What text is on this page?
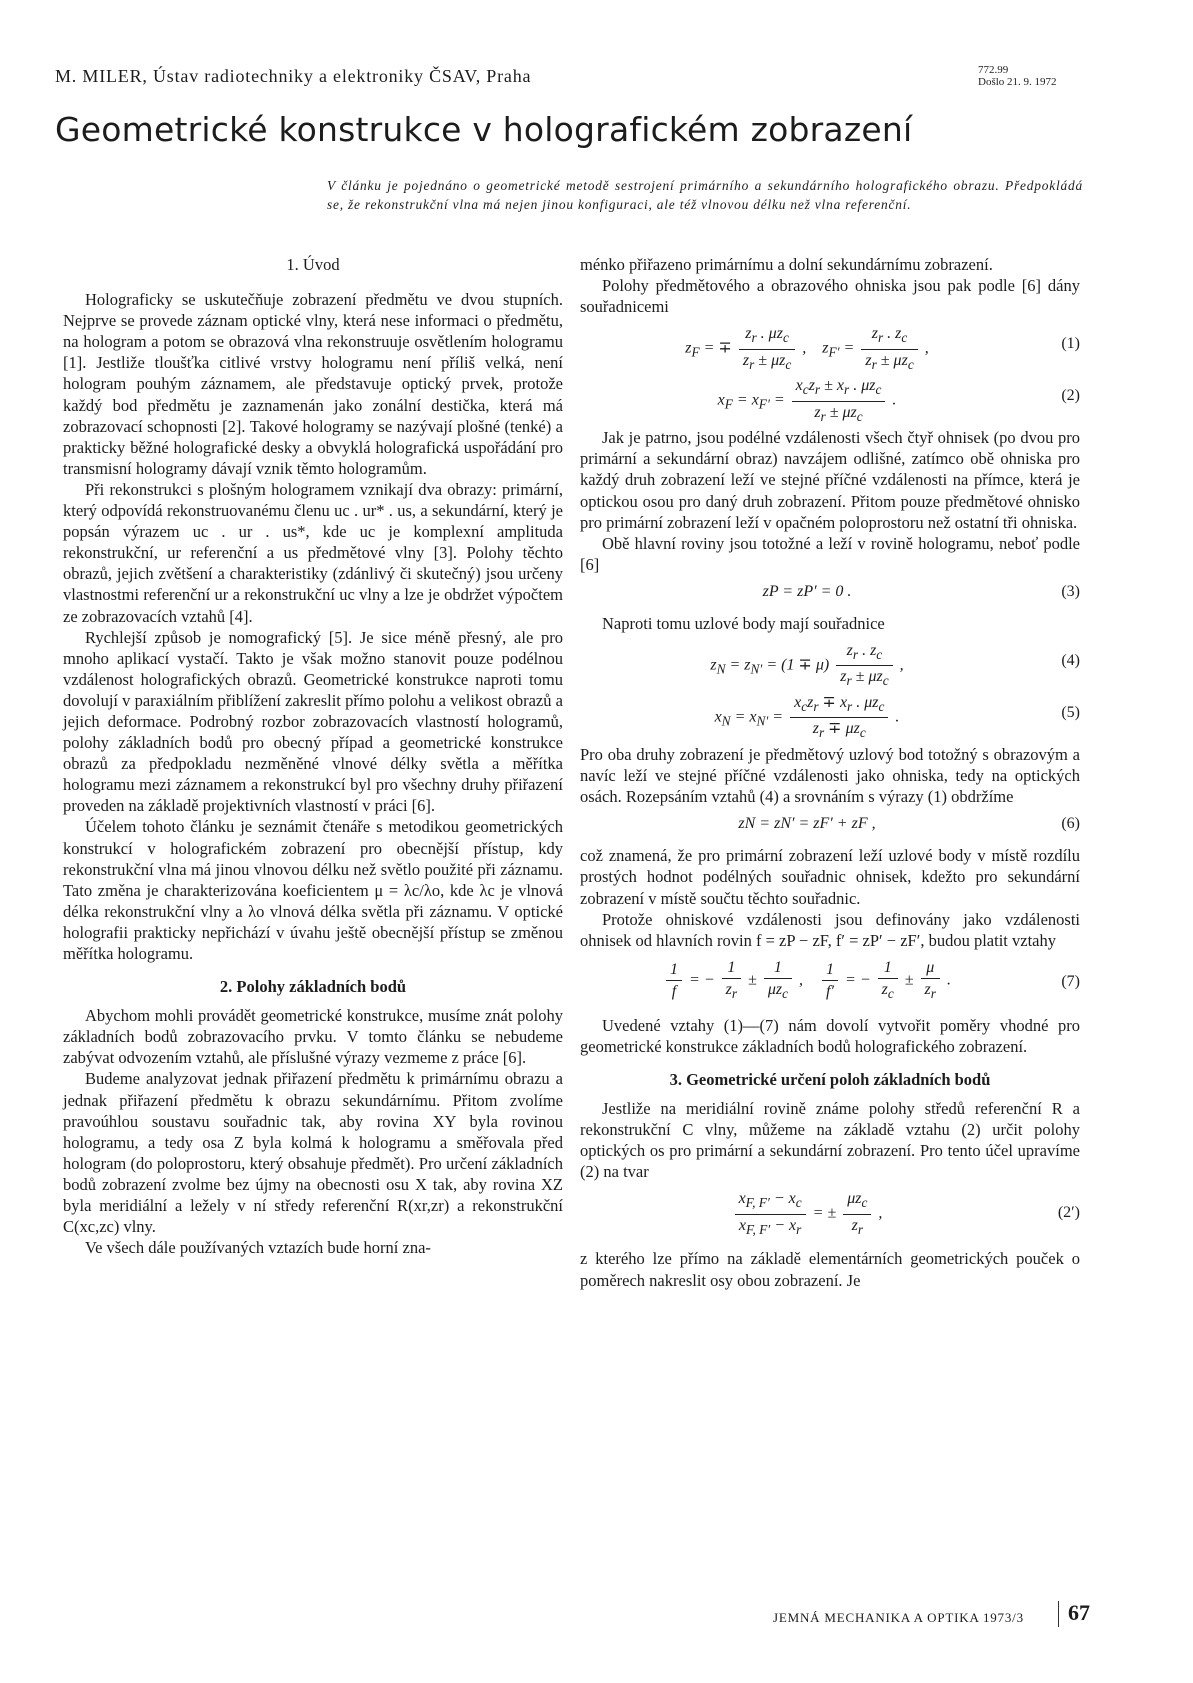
M. MILER, Ústav radiotechniky a elektroniky ČSAV, Praha	772.99
Došlo 21. 9. 1972
Geometrické konstrukce v holografickém zobrazení
V článku je pojednáno o geometrické metodě sestrojení primárního a sekundárního holografického obrazu. Předpokládá se, že rekonstrukční vlna má nejen jinou konfiguraci, ale též vlnovou délku než vlna referenční.
1. Úvod

Holograficky se uskutečňuje zobrazení předmětu ve dvou stupních. Nejprve se provede záznam optické vlny, která nese informaci o předmětu, na hologram a potom se obrazová vlna rekonstruuje osvětlením hologramu [1]. Jestliže tloušťka citlivé vrstvy hologramu není příliš velká, není hologram pouhým záznamem, ale představuje optický prvek, protože každý bod předmětu je zaznamenán jako zonální destička, která má zobrazovací schopnosti [2]. Takové hologramy se nazývají plošné (tenké) a prakticky běžné holografické desky a obvyklá holografická uspořádání pro transmisní hologramy dávají vznik těmto hologramům.

Při rekonstrukci s plošným hologramem vznikají dva obrazy: primární, který odpovídá rekonstruovanému členu uc . ur* . us, a sekundární, který je popsán výrazem uc . ur . us*, kde uc je komplexní amplituda rekonstrukční, ur referenční a us předmětové vlny [3]. Polohy těchto obrazů, jejich zvětšení a charakteristiky (zdánlivý či skutečný) jsou určeny vlastnostmi referenční ur a rekonstrukční uc vlny a lze je obdržet výpočtem ze zobrazovacích vztahů [4].

Rychlejší způsob je nomografický [5]. Je sice méně přesný, ale pro mnoho aplikací vystačí. Takto je však možno stanovit pouze podélnou vzdálenost holografických obrazů. Geometrické konstrukce naproti tomu dovolují v paraxiálním přiblížení zakreslit přímo polohu a velikost obrazů a jejich deformace. Podrobný rozbor zobrazovacích vlastností hologramů, polohy základních bodů pro obecný případ a geometrické konstrukce obrazů za předpokladu nezměněné vlnové délky světla a měřítka hologramu mezi záznamem a rekonstrukcí byl pro všechny druhy přiřazení proveden na základě projektivních vlastností v práci [6].

Účelem tohoto článku je seznámit čtenáře s metodikou geometrických konstrukcí v holografickém zobrazení pro obecnější přístup, kdy rekonstrukční vlna má jinou vlnovou délku než světlo použité při záznamu. Tato změna je charakterizována koeficientem μ = λc/λo, kde λc je vlnová délka rekonstrukční vlny a λo vlnová délka světla při záznamu. V optické holografii prakticky nepřichází v úvahu ještě obecnější přístup se změnou měřítka hologramu.

2. Polohy základních bodů

Abychom mohli provádět geometrické konstrukce, musíme znát polohy základních bodů zobrazovacího prvku. V tomto článku se nebudeme zabývat odvozením vztahů, ale příslušné výrazy vezmeme z práce [6].

Budeme analyzovat jednak přiřazení předmětu k primárnímu obrazu a jednak přiřazení předmětu k obrazu sekundárnímu. Přitom zvolíme pravoúhlou soustavu souřadnic tak, aby rovina XY byla rovinou hologramu, a tedy osa Z byla kolmá k hologramu a směřovala před hologram (do poloprostoru, který obsahuje předmět). Pro určení základních bodů zobrazení zvolme bez újmy na obecnosti osu X tak, aby rovina XZ byla meridiální a ležely v ní středy referenční R(xr,zr) a rekonstrukční C(xc,zc) vlny.

Ve všech dále používaných vztazích bude horní zna-

ménko přiřazeno primárnímu a dolní sekundárnímu zobrazení.

Polohy předmětového a obrazového ohniska jsou pak podle [6] dány souřadnicemi

$z_F$ = ∓ $\frac{z_r . \mu z_c}{z_r \pm \mu z_c}$ ,    $z_{F'} = \frac{z_r . z_c}{z_r \pm \mu z_c}$ ,	(1)
$x_F = x_{F'} = \frac{x_cz_r \pm x_r . \mu z_c}{z_r \pm \mu z_c}$ .	(2)

Jak je patrno, jsou podélné vzdálenosti všech čtyř ohnisek (po dvou pro primární a sekundární obraz) navzájem odlišné, zatímco obě ohniska pro každý druh zobrazení leží ve stejné příčné vzdálenosti na přímce, která je optickou osou pro daný druh zobrazení. Přitom pouze předmětové ohnisko pro primární zobrazení leží v opačném poloprostoru než ostatní tři ohniska.

Obě hlavní roviny jsou totožné a leží v rovině hologramu, neboť podle [6]

zP = zP′ = 0 .	(3)

Naproti tomu uzlové body mají souřadnice

$z_N = z_{N'} = (1 \mp \mu) \frac{z_r . z_c}{z_r \pm \mu z_c}$ ,	(4)
$x_N = x_{N'} = \frac{x_cz_r \mp x_r . \mu z_c}{z_r \mp \mu z_c}$ .	(5)

Pro oba druhy zobrazení je předmětový uzlový bod totožný s obrazovým a navíc leží ve stejné příčné vzdálenosti jako ohniska, tedy na optických osách. Rozepsáním vztahů (4) a srovnáním s výrazy (1) obdržíme

zN = zN′ = zF′ + zF ,	(6)

což znamená, že pro primární zobrazení leží uzlové body v místě rozdílu prostých hodnot podélných souřadnic ohnisek, kdežto pro sekundární zobrazení v místě součtu těchto souřadnic.

Protože ohniskové vzdálenosti jsou definovány jako vzdálenosti ohnisek od hlavních rovin f = zP − zF, f′ = zP′ − zF′, budou platit vztahy

$\frac{1}{f}$ = − $\frac{1}{z_r} \pm \frac{1}{\mu z_c}$ , $\frac{1}{f'}$ = − $\frac{1}{z_c} \pm \frac{\mu}{z_r}$ .	(7)

Uvedené vztahy (1)—(7) nám dovolí vytvořit poměry vhodné pro geometrické konstrukce základních bodů holografického zobrazení.

3. Geometrické určení poloh základních bodů

Jestliže na meridiální rovině známe polohy středů referenční R a rekonstrukční C vlny, můžeme na základě vztahu (2) určit polohy optických os pro primární a sekundární zobrazení. Pro tento účel upravíme (2) na tvar

$\frac{x_{F, F'} - x_c}{x_{F, F'} - x_r}$ = ± $\frac{\mu z_c}{z_r}$ ,	(2′)

z kterého lze přímo na základě elementárních geometrických pouček o poměrech nakreslit osy obou zobrazení. Je

JEMNÁ MECHANIKA A OPTIKA 1973/3 67
